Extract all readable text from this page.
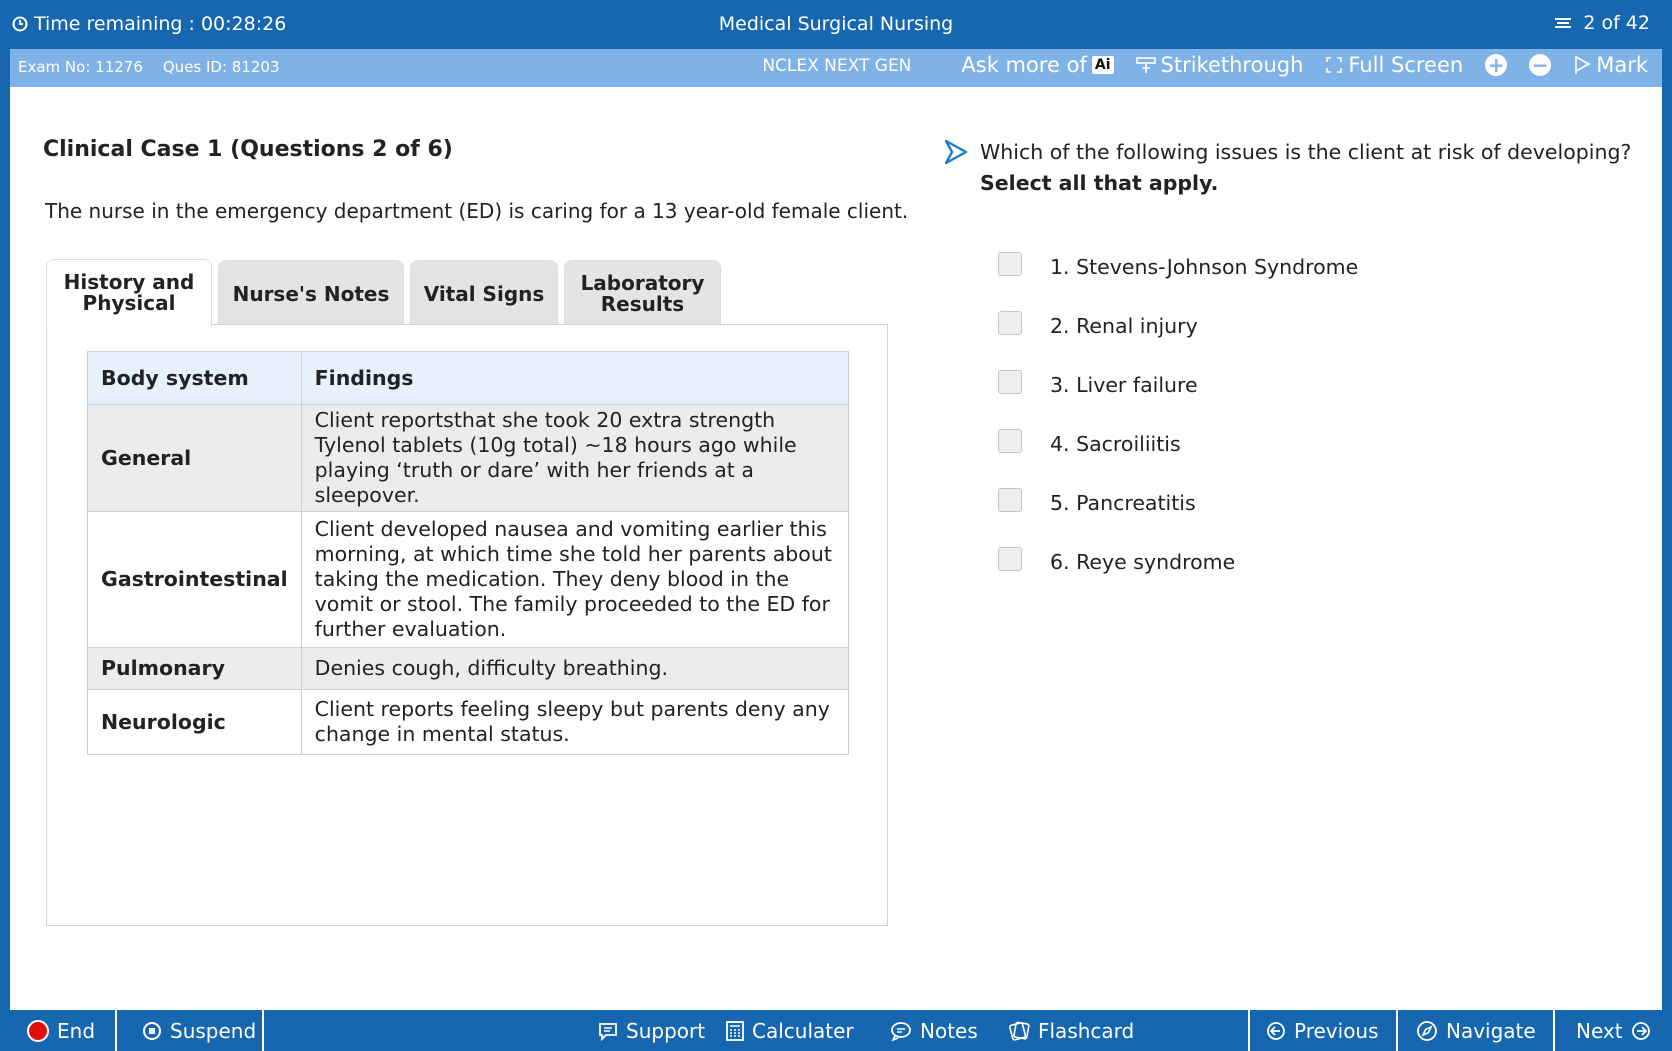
Time remaining : 00:28:26	Medical Surgical Nursing	2 of 42
Exam No: 11276 Ques ID: 81203	NCLEX NEXT GEN Ask more of Ai Strikethrough Full Screen + − Mark
Clinical Case 1 (Questions 2 of 6)
The nurse in the emergency department (ED) is caring for a 13 year-old female client.
History and
Physical	Nurse's Notes Vital Signs Laboratory
Results
Body system	Findings
General	Client reportsthat she took 20 extra strength Tylenol tablets (10g total) ~18 hours ago while playing ‘truth or dare’ with her friends at a sleepover.
Gastrointestinal	Client developed nausea and vomiting earlier this morning, at which time she told her parents about taking the medication. They deny blood in the vomit or stool. The family proceeded to the ED for further evaluation.
Pulmonary	Denies cough, difficulty breathing.
Neurologic	Client reports feeling sleepy but parents deny any change in mental status.
Which of the following issues is the client at risk of developing?
Select all that apply.
1. Stevens-Johnson Syndrome
2. Renal injury
3. Liver failure
4. Sacroiliitis
5. Pancreatitis
6. Reye syndrome
End	Suspend	Support Calculater	Notes	Flashcard	Previous	Navigate Next
